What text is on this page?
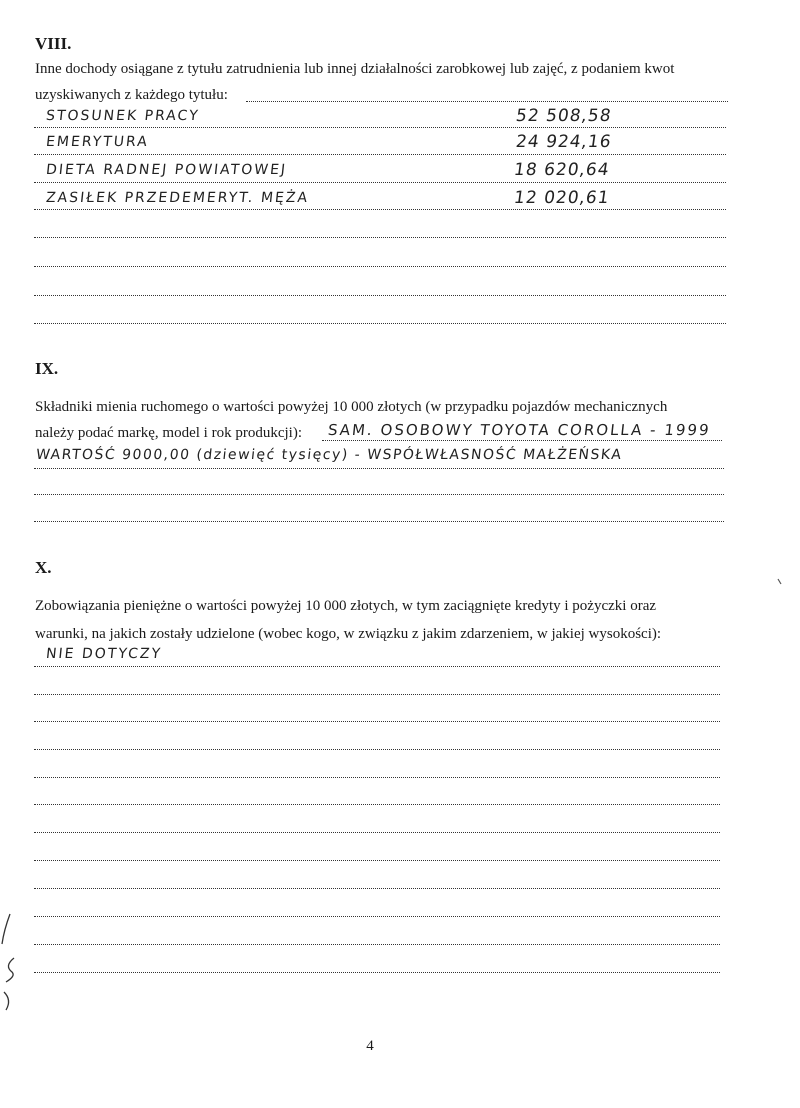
VIII.

Inne dochody osiągane z tytułu zatrudnienia lub innej działalności zarobkowej lub zajęć, z podaniem kwot

uzyskiwanych z każdego tytułu:

STOSUNEK PRACY	52 508,58
EMERYTURA	24 924,16
DIETA RADNEJ POWIATOWEJ	18 620,64
ZASIŁEK PRZEDEMERYT. MĘŻA	12 020,61
IX.

Składniki mienia ruchomego o wartości powyżej 10 000 złotych (w przypadku pojazdów mechanicznych

należy podać markę, model i rok produkcji): SAM. OSOBOWY TOYOTA COROLLA - 1999
WARTOŚĆ 9000,00 (dziewięć tysięcy) - WSPÓŁWŁASNOŚĆ MAŁŻEŃSKA
X.

Zobowiązania pieniężne o wartości powyżej 10 000 złotych, w tym zaciągnięte kredyty i pożyczki oraz

warunki, na jakich zostały udzielone (wobec kogo, w związku z jakim zdarzeniem, w jakiej wysokości):

NIE DOTYCZY
4
